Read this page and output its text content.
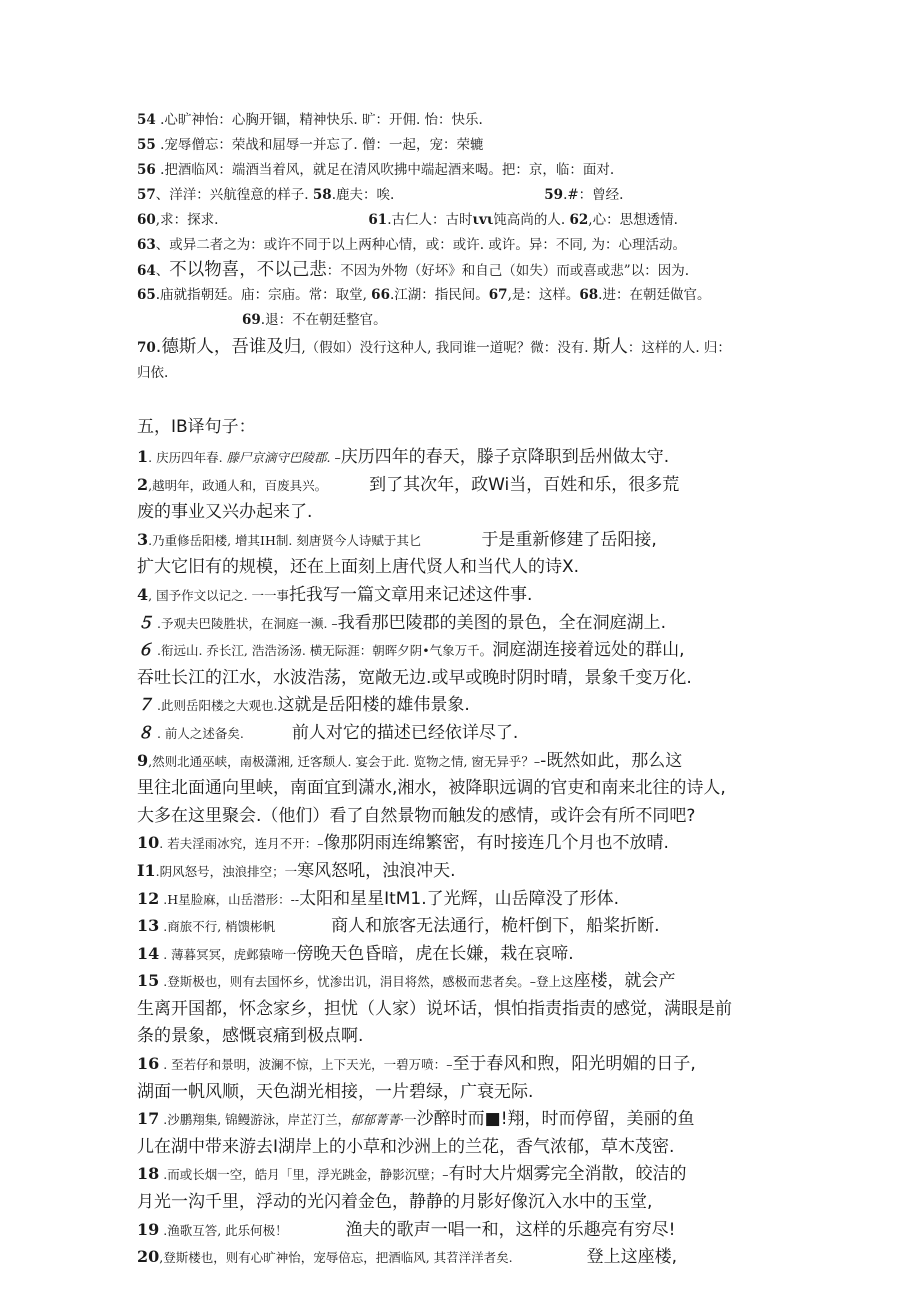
54 .心旷神怡：心胸开锢，精神快乐. 旷：开佣. 怡：快乐.
55 .宠辱僧忘：荣战和屈辱一并忘了. 僧：一起，宠：荣辘
56 .把酒临风：端酒当着风，就足在清风吹拂中端起酒来喝。把：京，临：面对.
57、洋洋：兴航徨意的样子. 58.鹿夫：唉.	59.#：曾经.
60,求：探求.	61.古仁人：古时ιvι饨高尚的人. 62,心：思想透情.
63、或异二者之为：或许不同于以上两种心情，或：或许. 或许。异：不同, 为：心理活动。
64、不以物喜，不以己悲：不因为外物（好坏》和自己（如失）而或喜或悲”以：因为.
65.庙就指朝廷。庙：宗庙。常：取堂, 66.江湖：指民间。67,是：这样。68.进：在朝廷做官。
69.退：不在朝廷整官。
70.德斯人，吾谁及归,（假如）没行这种人, 我同谁一道呢？微：没有. 斯人：这样的人. 归：
归依.
五，IB译句子：
1. 庆历四年春. 滕尸京滴守巴陵郡. –庆历四年的春天，滕子京降职到岳州做太守.
2,越明年，政通人和，百废具兴。 到了其次年，政Wi当，百姓和乐，很多荒
废的事业又兴办起来了.
3.乃重修岳阳楼, 增其IH制. 刻唐贤今人诗赋于其匕	于是重新修建了岳阳接,
扩大它旧有的规模，还在上面刻上唐代贤人和当代人的诗X.
4, 国予作文以记之. 一一事托我写一篇文章用来记述这件事.
５ .予观夫巴陵胜状，在洞庭一濒. –我看那巴陵郡的美图的景色，全在洞庭湖上.
６ .衔远山. 乔长江, 浩浩汤汤. 横无际涯：朝晖夕阴•气象万千。洞庭湖连接着远处的群山,
吞吐长江的江水，水波浩荡，宽敞无边.或早或晚时阴时晴，景象千变万化.
７ .此则岳阳楼之大观也.这就是岳阳楼的雄伟景象.
８ . 前人之述备矣.	前人对它的描述已经依详尽了.
9,然则北通巫峡，南极潇湘, 迁客颓人. 宴会于此. 览物之情, 窗无异乎？–-既然如此，那么这
里往北面通向里峡，南面宜到潇水,湘水，被降职远调的官吏和南来北往的诗人,
大多在这里聚会.（他们）看了自然景物而触发的感情，或许会有所不同吧?
10. 若夫淫雨冰究，连月不开：–像那阴雨连绵繁密，有时接连几个月也不放晴.
I1.阴风怒号，浊浪排空；一寒风怒吼，浊浪冲天.
12 .H星脸麻，山岳潜形：--太阳和星星ItM1.了光辉，山岳障没了形体.
13 .商旅不行, 梢馈彬帆	商人和旅客无法通行，桅杆倒下，船桨折断.
14 . 薄暮冥冥，虎邺猿啼一傍晚天色昏暗，虎在长嫌，栽在哀啼.
15 .登斯极也，则有去国怀乡，忧渗岀讥，涓目将然，感极而悲者矣。–登上这座楼，就会产
生离开国都，怀念家乡，担忧（人家）说坏话，惧怕指责指责的感觉，满眼是前
条的景象，感慨哀痛到极点啊.
16 . 至若仔和景明，波澜不惊，上下天光，一碧万喷：–至于春风和煦，阳光明媚的日子,
湖面一帆风顺，天色湖光相接，一片碧绿，广衰无际.
17 .沙鹏翔集, 锦鳗游泳，岸芷汀兰，郁郁菁菁·一沙醉时而■!翔，时而停留，美丽的鱼
儿在湖中带来游去I湖岸上的小草和沙洲上的兰花，香气浓郁，草木茂密.
18 .而或长烟一空，皓月「里，浮光跳金，静影沉壁；–有时大片烟雾完全消散，皎洁的
月光一沟千里，浮动的光闪着金色，静静的月影好像沉入水中的玉堂,
19 .渔歌互答, 此乐何极！	渔夫的歌声一唱一和，这样的乐趣亮有穷尽!
20,登斯楼也，则有心旷神怡，宠辱倍忘，把酒临风, 其苕洋洋者矣.	登上这座楼,
